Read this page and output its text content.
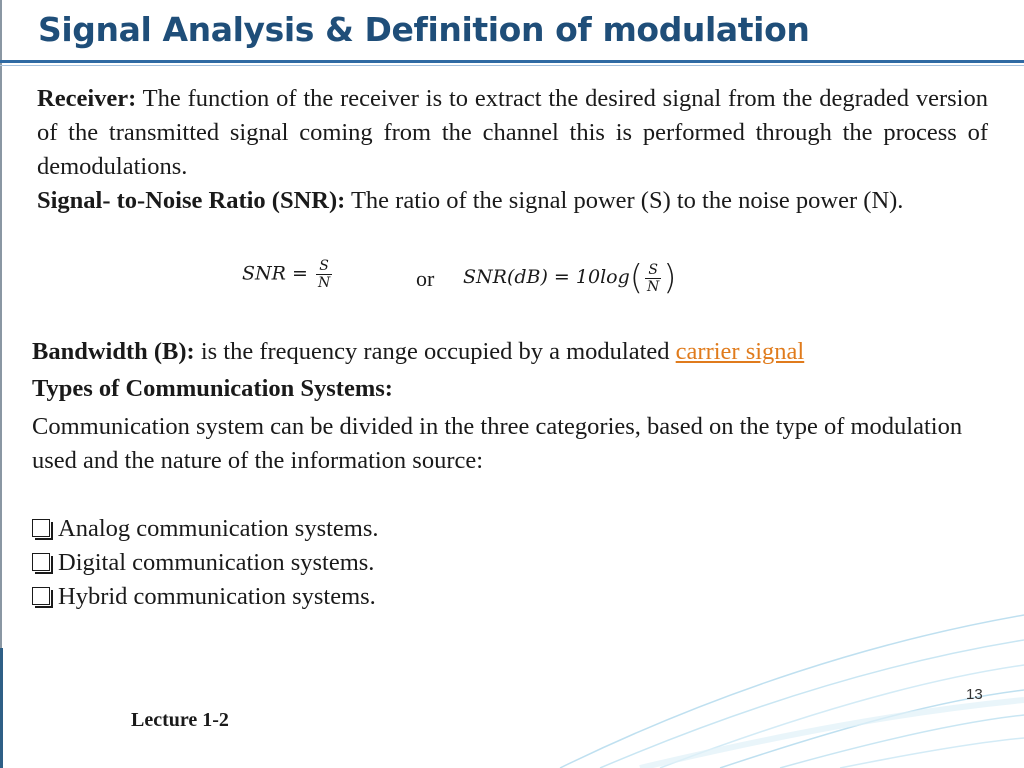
Signal Analysis & Definition of modulation

Receiver: The function of the receiver is to extract the desired signal from the degraded version of the transmitted signal coming from the channel this is performed through the process of demodulations.

Signal- to-Noise Ratio (SNR): The ratio of the signal power (S) to the noise power (N).

SNR = $\frac{S}{N}$	or $SNR(dB) = 10\log( \frac{S}{N}$ )

Bandwidth (B): is the frequency range occupied by a modulated carrier signal

Types of Communication Systems:

Communication system can be divided in the three categories, based on the type of modulation used and the nature of the information source:

Analog communication systems.
Digital communication systems.
Hybrid communication systems.
Lecture 1-2
13
